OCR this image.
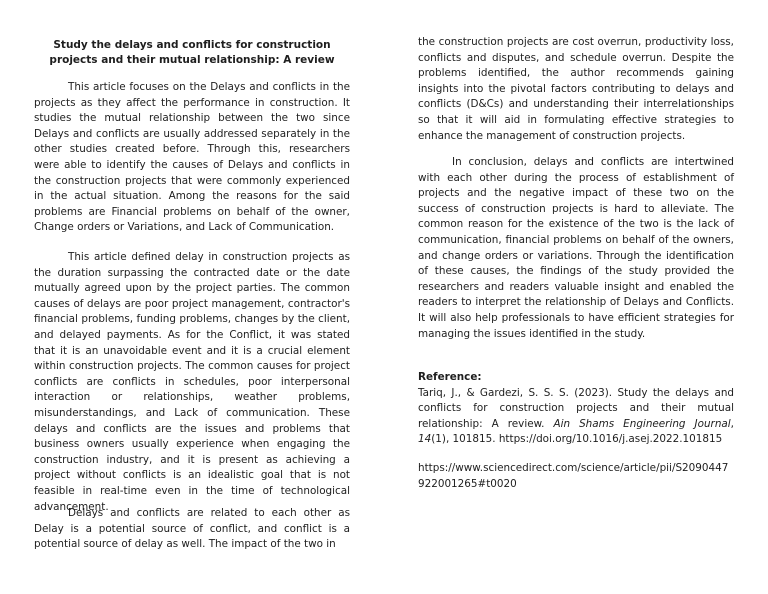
Study the delays and conflicts for construction projects and their mutual relationship: A review

This article focuses on the Delays and conflicts in the projects as they affect the performance in construction. It studies the mutual relationship between the two since Delays and conflicts are usually addressed separately in the other studies created before. Through this, researchers were able to identify the causes of Delays and conflicts in the construction projects that were commonly experienced in the actual situation. Among the reasons for the said problems are Financial problems on behalf of the owner, Change orders or Variations, and Lack of Communication.

This article defined delay in construction projects as the duration surpassing the contracted date or the date mutually agreed upon by the project parties. The common causes of delays are poor project management, contractor's financial problems, funding problems, changes by the client, and delayed payments. As for the Conflict, it was stated that it is an unavoidable event and it is a crucial element within construction projects. The common causes for project conflicts are conflicts in schedules, poor interpersonal interaction or relationships, weather problems, misunderstandings, and Lack of communication. These delays and conflicts are the issues and problems that business owners usually experience when engaging the construction industry, and it is present as achieving a project without conflicts is an idealistic goal that is not feasible in real-time even in the time of technological advancement.

Delays and conflicts are related to each other as Delay is a potential source of conflict, and conflict is a potential source of delay as well. The impact of the two in

the construction projects are cost overrun, productivity loss, conflicts and disputes, and schedule overrun. Despite the problems identified, the author recommends gaining insights into the pivotal factors contributing to delays and conflicts (D&Cs) and understanding their interrelationships so that it will aid in formulating effective strategies to enhance the management of construction projects.

In conclusion, delays and conflicts are intertwined with each other during the process of establishment of projects and the negative impact of these two on the success of construction projects is hard to alleviate. The common reason for the existence of the two is the lack of communication, financial problems on behalf of the owners, and change orders or variations. Through the identification of these causes, the findings of the study provided the researchers and readers valuable insight and enabled the readers to interpret the relationship of Delays and Conflicts. It will also help professionals to have efficient strategies for managing the issues identified in the study.

Reference:

Tariq, J., & Gardezi, S. S. S. (2023). Study the delays and conflicts for construction projects and their mutual relationship: A review. Ain Shams Engineering Journal, 14(1), 101815. https://doi.org/10.1016/j.asej.2022.101815

https://www.sciencedirect.com/science/article/pii/S2090447
922001265#t0020
